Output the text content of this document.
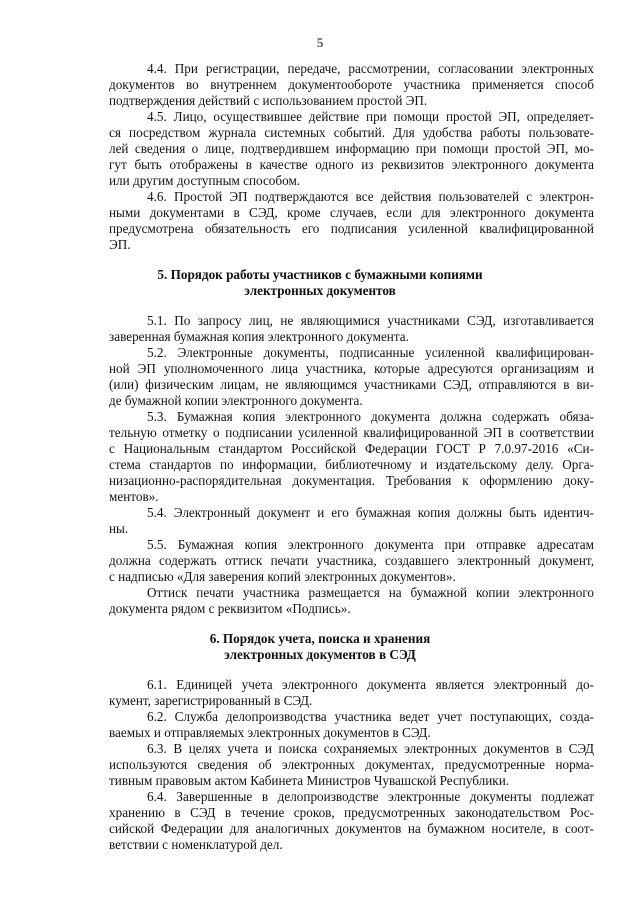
5
4.4. При регистрации, передаче, рассмотрении, согласовании электронных
документов во внутреннем документообороте участника применяется способ
подтверждения действий с использованием простой ЭП.
4.5. Лицо, осуществившее действие при помощи простой ЭП, определяет-
ся посредством журнала системных событий. Для удобства работы пользовате-
лей сведения о лице, подтвердившем информацию при помощи простой ЭП, мо-
гут быть отображены в качестве одного из реквизитов электронного документа
или другим доступным способом.
4.6. Простой ЭП подтверждаются все действия пользователей с электрон-
ными документами в СЭД, кроме случаев, если для электронного документа
предусмотрена обязательность его подписания усиленной квалифицированной
ЭП.
5. Порядок работы участников с бумажными копиями
электронных документов
5.1. По запросу лиц, не являющимися участниками СЭД, изготавливается
заверенная бумажная копия электронного документа.
5.2. Электронные документы, подписанные усиленной квалифицирован-
ной ЭП уполномоченного лица участника, которые адресуются организациям и
(или) физическим лицам, не являющимся участниками СЭД, отправляются в ви-
де бумажной копии электронного документа.
5.3. Бумажная копия электронного документа должна содержать обяза-
тельную отметку о подписании усиленной квалифицированной ЭП в соответствии
с Национальным стандартом Российской Федерации ГОСТ Р 7.0.97-2016 «Си-
стема стандартов по информации, библиотечному и издательскому делу. Орга-
низационно-распорядительная документация. Требования к оформлению доку-
ментов».
5.4. Электронный документ и его бумажная копия должны быть идентич-
ны.
5.5. Бумажная копия электронного документа при отправке адресатам
должна содержать оттиск печати участника, создавшего электронный документ,
с надписью «Для заверения копий электронных документов».
Оттиск печати участника размещается на бумажной копии электронного
документа рядом с реквизитом «Подпись».
6. Порядок учета, поиска и хранения
электронных документов в СЭД
6.1. Единицей учета электронного документа является электронный до-
кумент, зарегистрированный в СЭД.
6.2. Служба делопроизводства участника ведет учет поступающих, созда-
ваемых и отправляемых электронных документов в СЭД.
6.3. В целях учета и поиска сохраняемых электронных документов в СЭД
используются сведения об электронных документах, предусмотренные норма-
тивным правовым актом Кабинета Министров Чувашской Республики.
6.4. Завершенные в делопроизводстве электронные документы подлежат
хранению в СЭД в течение сроков, предусмотренных законодательством Рос-
сийской Федерации для аналогичных документов на бумажном носителе, в соот-
ветствии с номенклатурой дел.
